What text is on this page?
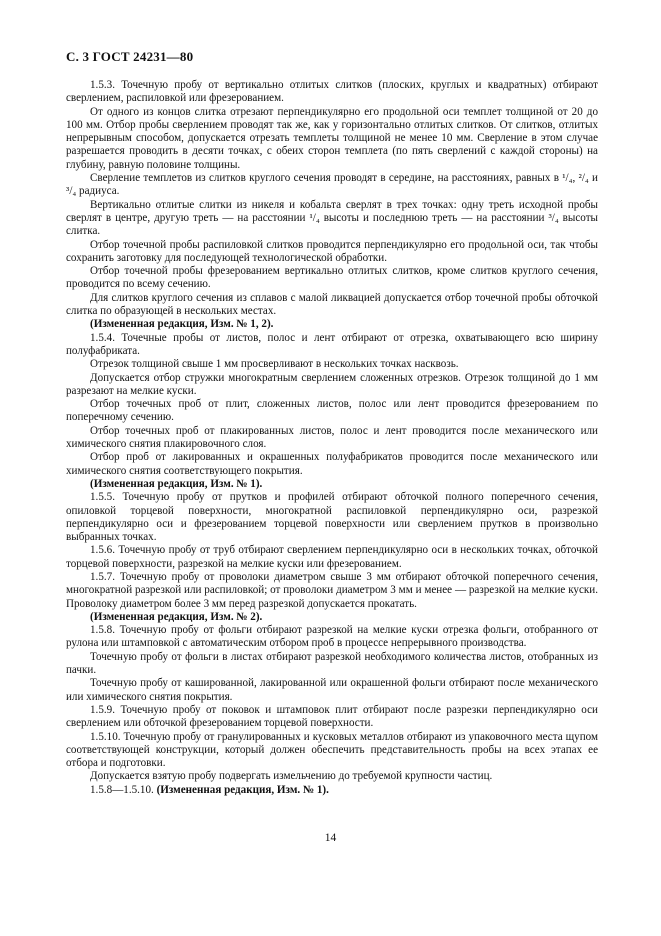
С. 3 ГОСТ 24231—80

1.5.3. Точечную пробу от вертикально отлитых слитков (плоских, круглых и квадратных) отбирают сверлением, распиловкой или фрезерованием.

От одного из концов слитка отрезают перпендикулярно его продольной оси темплет толщиной от 20 до 100 мм. Отбор пробы сверлением проводят так же, как у горизонтально отлитых слитков. От слитков, отлитых непрерывным способом, допускается отрезать темплеты толщиной не менее 10 мм. Сверление в этом случае разрешается проводить в десяти точках, с обеих сторон темплета (по пять сверлений с каждой стороны) на глубину, равную половине толщины.

Сверление темплетов из слитков круглого сечения проводят в середине, на расстояниях, равных в ¹/₄, ²/₄ и ³/₄ радиуса.

Вертикально отлитые слитки из никеля и кобальта сверлят в трех точках: одну треть исходной пробы сверлят в центре, другую треть — на расстоянии ¹/₄ высоты и последнюю треть — на расстоянии ³/₄ высоты слитка.

Отбор точечной пробы распиловкой слитков проводится перпендикулярно его продольной оси, так чтобы сохранить заготовку для последующей технологической обработки.

Отбор точечной пробы фрезерованием вертикально отлитых слитков, кроме слитков круглого сечения, проводится по всему сечению.

Для слитков круглого сечения из сплавов с малой ликвацией допускается отбор точечной пробы обточкой слитка по образующей в нескольких местах.

(Измененная редакция, Изм. № 1, 2).

1.5.4. Точечные пробы от листов, полос и лент отбирают от отрезка, охватывающего всю ширину полуфабриката.

Отрезок толщиной свыше 1 мм просверливают в нескольких точках насквозь.

Допускается отбор стружки многократным сверлением сложенных отрезков. Отрезок толщиной до 1 мм разрезают на мелкие куски.

Отбор точечных проб от плит, сложенных листов, полос или лент проводится фрезерованием по поперечному сечению.

Отбор точечных проб от плакированных листов, полос и лент проводится после механического или химического снятия плакировочного слоя.

Отбор проб от лакированных и окрашенных полуфабрикатов проводится после механического или химического снятия соответствующего покрытия.

(Измененная редакция, Изм. № 1).

1.5.5. Точечную пробу от прутков и профилей отбирают обточкой полного поперечного сечения, опиловкой торцевой поверхности, многократной распиловкой перпендикулярно оси, разрезкой перпендикулярно оси и фрезерованием торцевой поверхности или сверлением прутков в произвольно выбранных точках.

1.5.6. Точечную пробу от труб отбирают сверлением перпендикулярно оси в нескольких точках, обточкой торцевой поверхности, разрезкой на мелкие куски или фрезерованием.

1.5.7. Точечную пробу от проволоки диаметром свыше 3 мм отбирают обточкой поперечного сечения, многократной разрезкой или распиловкой; от проволоки диаметром 3 мм и менее — разрезкой на мелкие куски. Проволоку диаметром более 3 мм перед разрезкой допускается прокатать.

(Измененная редакция, Изм. № 2).

1.5.8. Точечную пробу от фольги отбирают разрезкой на мелкие куски отрезка фольги, отобранного от рулона или штамповкой с автоматическим отбором проб в процессе непрерывного производства.

Точечную пробу от фольги в листах отбирают разрезкой необходимого количества листов, отобранных из пачки.

Точечную пробу от кашированной, лакированной или окрашенной фольги отбирают после механического или химического снятия покрытия.

1.5.9. Точечную пробу от поковок и штамповок плит отбирают после разрезки перпендикулярно оси сверлением или обточкой фрезерованием торцевой поверхности.

1.5.10. Точечную пробу от гранулированных и кусковых металлов отбирают из упаковочного места щупом соответствующей конструкции, который должен обеспечить представительность пробы на всех этапах ее отбора и подготовки.

Допускается взятую пробу подвергать измельчению до требуемой крупности частиц.

1.5.8—1.5.10. (Измененная редакция, Изм. № 1).

14
